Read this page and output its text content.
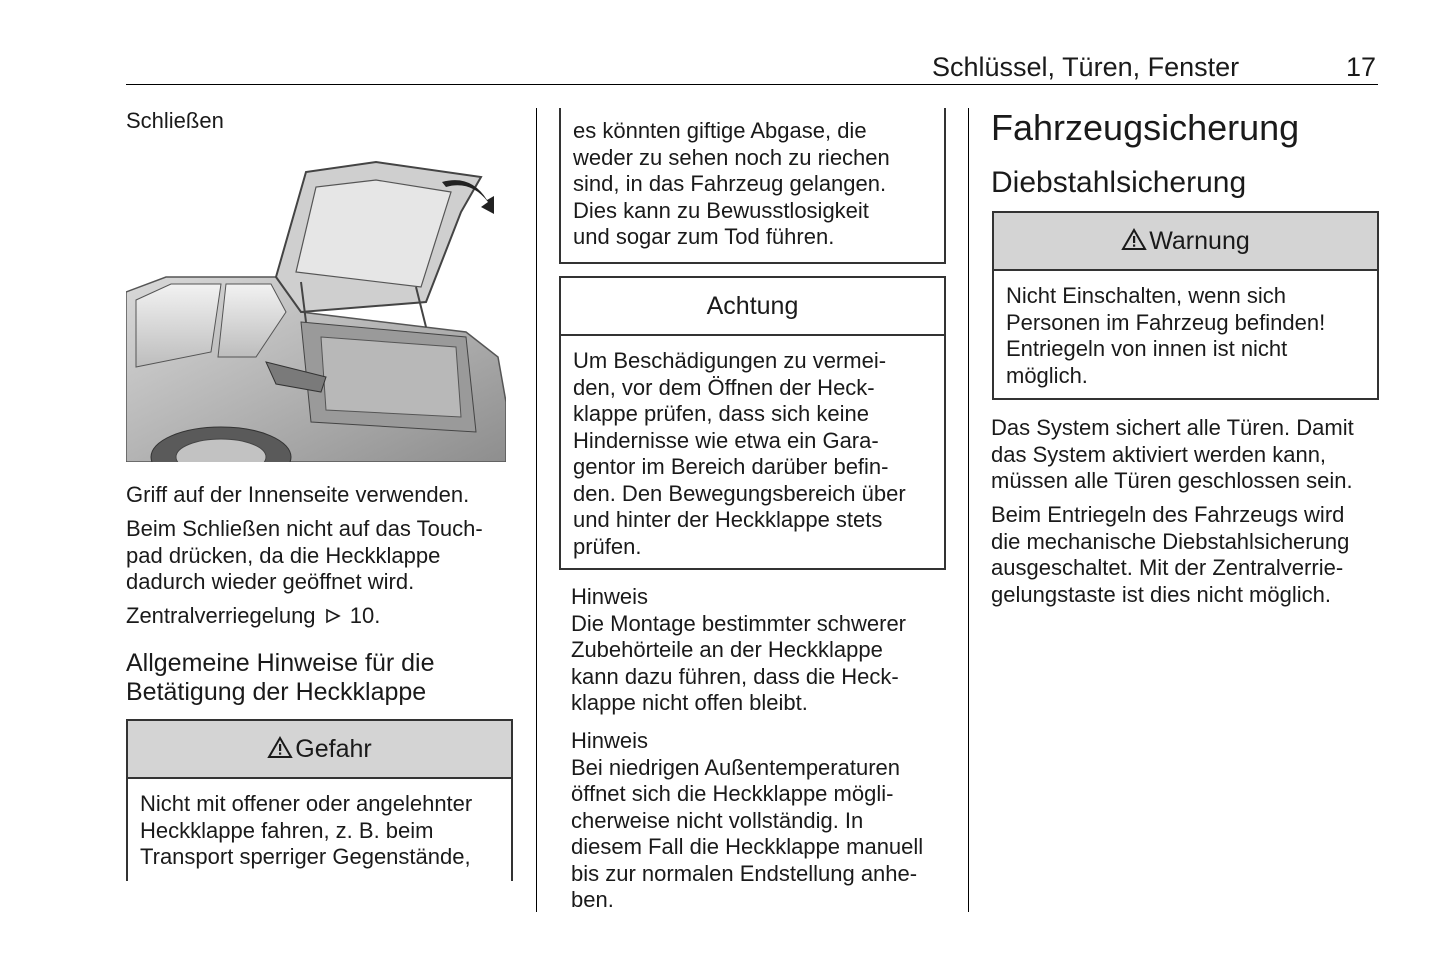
Schlüssel, Türen, Fenster	17
Schließen
Griff auf der Innenseite verwenden.
Beim Schließen nicht auf das Touch-
pad drücken, da die Heckklappe
dadurch wieder geöffnet wird.
Zentralverriegelung 10.
Allgemeine Hinweise für die
Betätigung der Heckklappe
Gefahr
Nicht mit offener oder angelehnter
Heckklappe fahren, z. B. beim
Transport sperriger Gegenstände,
es könnten giftige Abgase, die
weder zu sehen noch zu riechen
sind, in das Fahrzeug gelangen.
Dies kann zu Bewusstlosigkeit
und sogar zum Tod führen.
Achtung
Um Beschädigungen zu vermei-
den, vor dem Öffnen der Heck-
klappe prüfen, dass sich keine
Hindernisse wie etwa ein Gara-
gentor im Bereich darüber befin-
den. Den Bewegungsbereich über
und hinter der Heckklappe stets
prüfen.
Hinweis
Die Montage bestimmter schwerer
Zubehörteile an der Heckklappe
kann dazu führen, dass die Heck-
klappe nicht offen bleibt.
Hinweis
Bei niedrigen Außentemperaturen
öffnet sich die Heckklappe mögli-
cherweise nicht vollständig. In
diesem Fall die Heckklappe manuell
bis zur normalen Endstellung anhe-
ben.
Fahrzeugsicherung
Diebstahlsicherung
Warnung
Nicht Einschalten, wenn sich
Personen im Fahrzeug befinden!
Entriegeln von innen ist nicht
möglich.
Das System sichert alle Türen. Damit
das System aktiviert werden kann,
müssen alle Türen geschlossen sein.
Beim Entriegeln des Fahrzeugs wird
die mechanische Diebstahlsicherung
ausgeschaltet. Mit der Zentralverrie-
gelungstaste ist dies nicht möglich.
